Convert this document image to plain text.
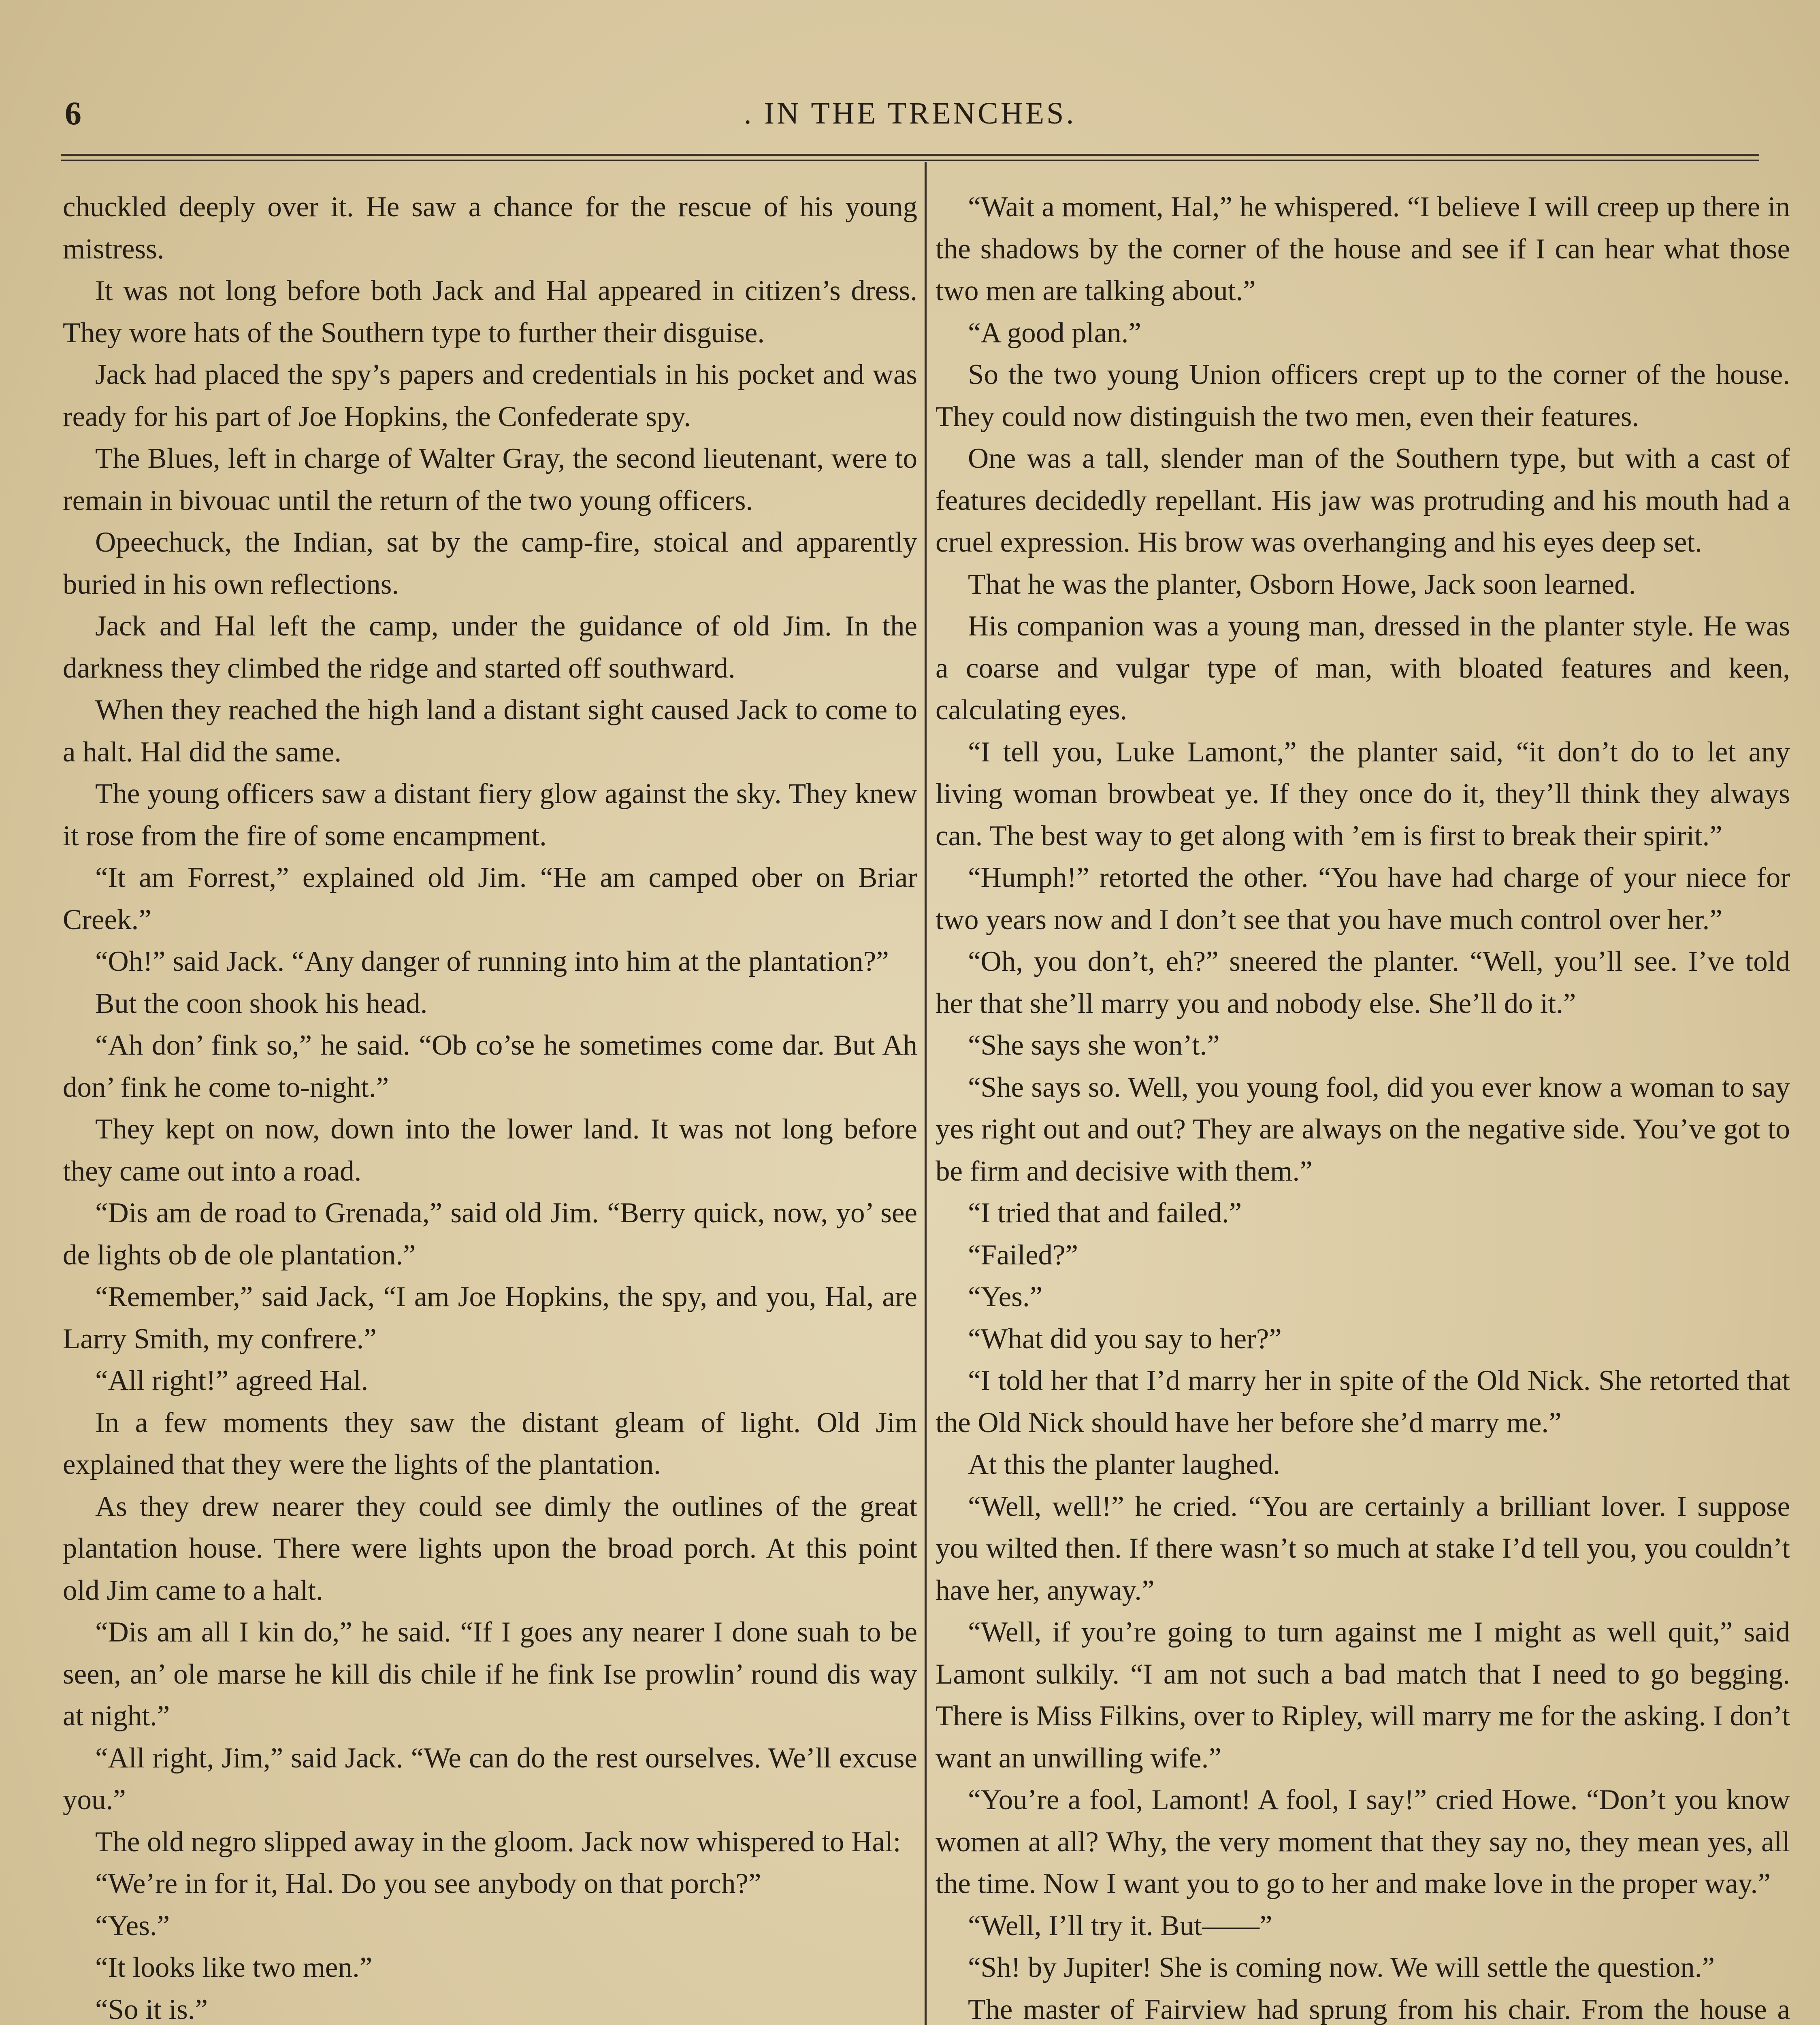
6	. IN THE TRENCHES.

chuckled deeply over it. He saw a chance for the rescue of his young mistress.

It was not long before both Jack and Hal appeared in citizen’s dress. They wore hats of the Southern type to further their disguise.

Jack had placed the spy’s papers and credentials in his pocket and was ready for his part of Joe Hopkins, the Confederate spy.

The Blues, left in charge of Walter Gray, the second lieutenant, were to remain in bivouac until the return of the two young officers.

Opeechuck, the Indian, sat by the camp-fire, stoical and apparently buried in his own reflections.

Jack and Hal left the camp, under the guidance of old Jim. In the darkness they climbed the ridge and started off southward.

When they reached the high land a distant sight caused Jack to come to a halt. Hal did the same.

The young officers saw a distant fiery glow against the sky. They knew it rose from the fire of some encampment.

“It am Forrest,” explained old Jim. “He am camped ober on Briar Creek.”

“Oh!” said Jack. “Any danger of running into him at the plantation?”

But the coon shook his head.

“Ah don’ fink so,” he said. “Ob co’se he sometimes come dar. But Ah don’ fink he come to-night.”

They kept on now, down into the lower land. It was not long before they came out into a road.

“Dis am de road to Grenada,” said old Jim. “Berry quick, now, yo’ see de lights ob de ole plantation.”

“Remember,” said Jack, “I am Joe Hopkins, the spy, and you, Hal, are Larry Smith, my confrere.”

“All right!” agreed Hal.

In a few moments they saw the distant gleam of light. Old Jim explained that they were the lights of the plantation.

As they drew nearer they could see dimly the outlines of the great plantation house. There were lights upon the broad porch. At this point old Jim came to a halt.

“Dis am all I kin do,” he said. “If I goes any nearer I done suah to be seen, an’ ole marse he kill dis chile if he fink Ise prowlin’ round dis way at night.”

“All right, Jim,” said Jack. “We can do the rest ourselves. We’ll excuse you.”

The old negro slipped away in the gloom. Jack now whispered to Hal:

“We’re in for it, Hal. Do you see anybody on that porch?”

“Yes.”

“It looks like two men.”

“So it is.”

“Wait a moment, Hal,” he whispered. “I believe I will creep up there in the shadows by the corner of the house and see if I can hear what those two men are talking about.”

“A good plan.”

So the two young Union officers crept up to the corner of the house. They could now distinguish the two men, even their features.

One was a tall, slender man of the Southern type, but with a cast of features decidedly repellant. His jaw was protruding and his mouth had a cruel expression. His brow was overhanging and his eyes deep set.

That he was the planter, Osborn Howe, Jack soon learned.

His companion was a young man, dressed in the planter style. He was a coarse and vulgar type of man, with bloated features and keen, calculating eyes.

“I tell you, Luke Lamont,” the planter said, “it don’t do to let any living woman browbeat ye. If they once do it, they’ll think they always can. The best way to get along with ’em is first to break their spirit.”

“Humph!” retorted the other. “You have had charge of your niece for two years now and I don’t see that you have much control over her.”

“Oh, you don’t, eh?” sneered the planter. “Well, you’ll see. I’ve told her that she’ll marry you and nobody else. She’ll do it.”

“She says she won’t.”

“She says so. Well, you young fool, did you ever know a woman to say yes right out and out? They are always on the negative side. You’ve got to be firm and decisive with them.”

“I tried that and failed.”

“Failed?”

“Yes.”

“What did you say to her?”

“I told her that I’d marry her in spite of the Old Nick. She retorted that the Old Nick should have her before she’d marry me.”

At this the planter laughed.

“Well, well!” he cried. “You are certainly a brilliant lover. I suppose you wilted then. If there wasn’t so much at stake I’d tell you, you couldn’t have her, anyway.”

“Well, if you’re going to turn against me I might as well quit,” said Lamont sulkily. “I am not such a bad match that I need to go begging. There is Miss Filkins, over to Ripley, will marry me for the asking. I don’t want an unwilling wife.”

“You’re a fool, Lamont! A fool, I say!” cried Howe. “Don’t you know women at all? Why, the very moment that they say no, they mean yes, all the time. Now I want you to go to her and make love in the proper way.”

“Well, I’ll try it. But——”

“Sh! by Jupiter! She is coming now. We will settle the question.”

The master of Fairview had sprung from his chair. From the house a
